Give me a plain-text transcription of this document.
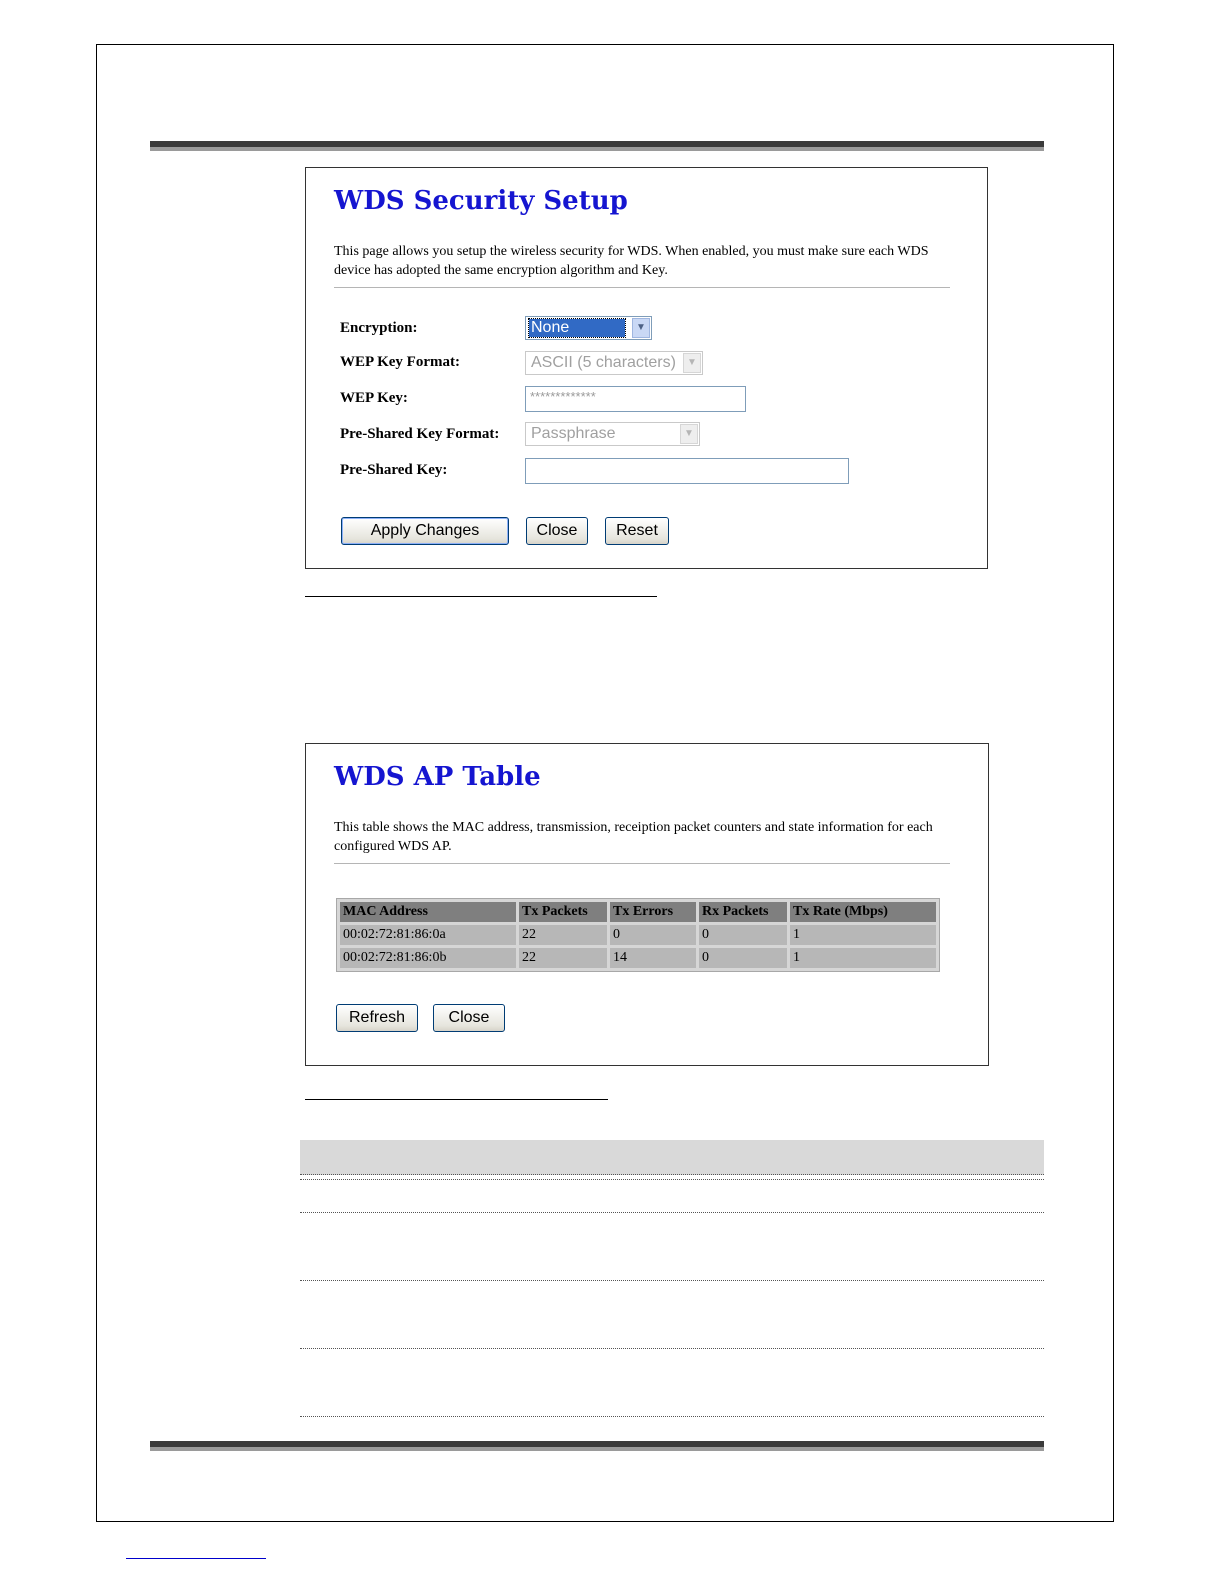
WDS Security Setup

This page allows you setup the wireless security for WDS. When enabled, you must make sure each WDS device has adopted the same encryption algorithm and Key.

Encryption:	None	▼
WEP Key Format:	ASCII (5 characters)	▼
WEP Key:	*************
Pre-Shared Key Format: Passphrase	▼
Pre-Shared Key:
Apply Changes	Close	Reset
WDS AP Table

This table shows the MAC address, transmission, receiption packet counters and state information for each configured WDS AP.

MAC Address	Tx Packets	Tx Errors	Rx Packets	Tx Rate (Mbps)
00:02:72:81:86:0a	22	0	0	1
00:02:72:81:86:0b	22	14	0	1
Refresh	Close
